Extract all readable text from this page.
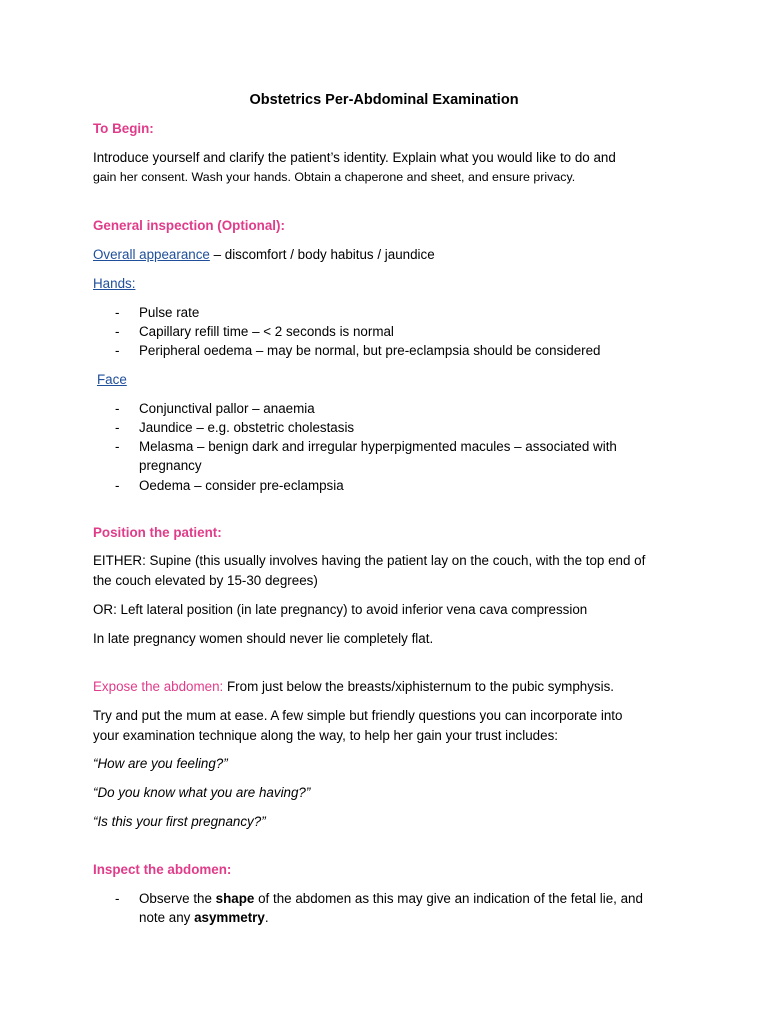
Obstetrics Per-Abdominal Examination
To Begin:
Introduce yourself and clarify the patient’s identity. Explain what you would like to do and
gain her consent. Wash your hands. Obtain a chaperone and sheet, and ensure privacy.
General inspection (Optional):
Overall appearance – discomfort / body habitus / jaundice
Hands:
- Pulse rate
- Capillary refill time – < 2 seconds is normal
- Peripheral oedema – may be normal, but pre-eclampsia should be considered
Face
- Conjunctival pallor – anaemia
- Jaundice – e.g. obstetric cholestasis
- Melasma – benign dark and irregular hyperpigmented macules – associated with
pregnancy
- Oedema – consider pre-eclampsia
Position the patient:
EITHER: Supine (this usually involves having the patient lay on the couch, with the top end of
the couch elevated by 15-30 degrees)
OR: Left lateral position (in late pregnancy) to avoid inferior vena cava compression
In late pregnancy women should never lie completely flat.
Expose the abdomen: From just below the breasts/xiphisternum to the pubic symphysis.
Try and put the mum at ease. A few simple but friendly questions you can incorporate into
your examination technique along the way, to help her gain your trust includes:
“How are you feeling?”
“Do you know what you are having?”
“Is this your first pregnancy?”
Inspect the abdomen:
- Observe the shape of the abdomen as this may give an indication of the fetal lie, and
note any asymmetry.
